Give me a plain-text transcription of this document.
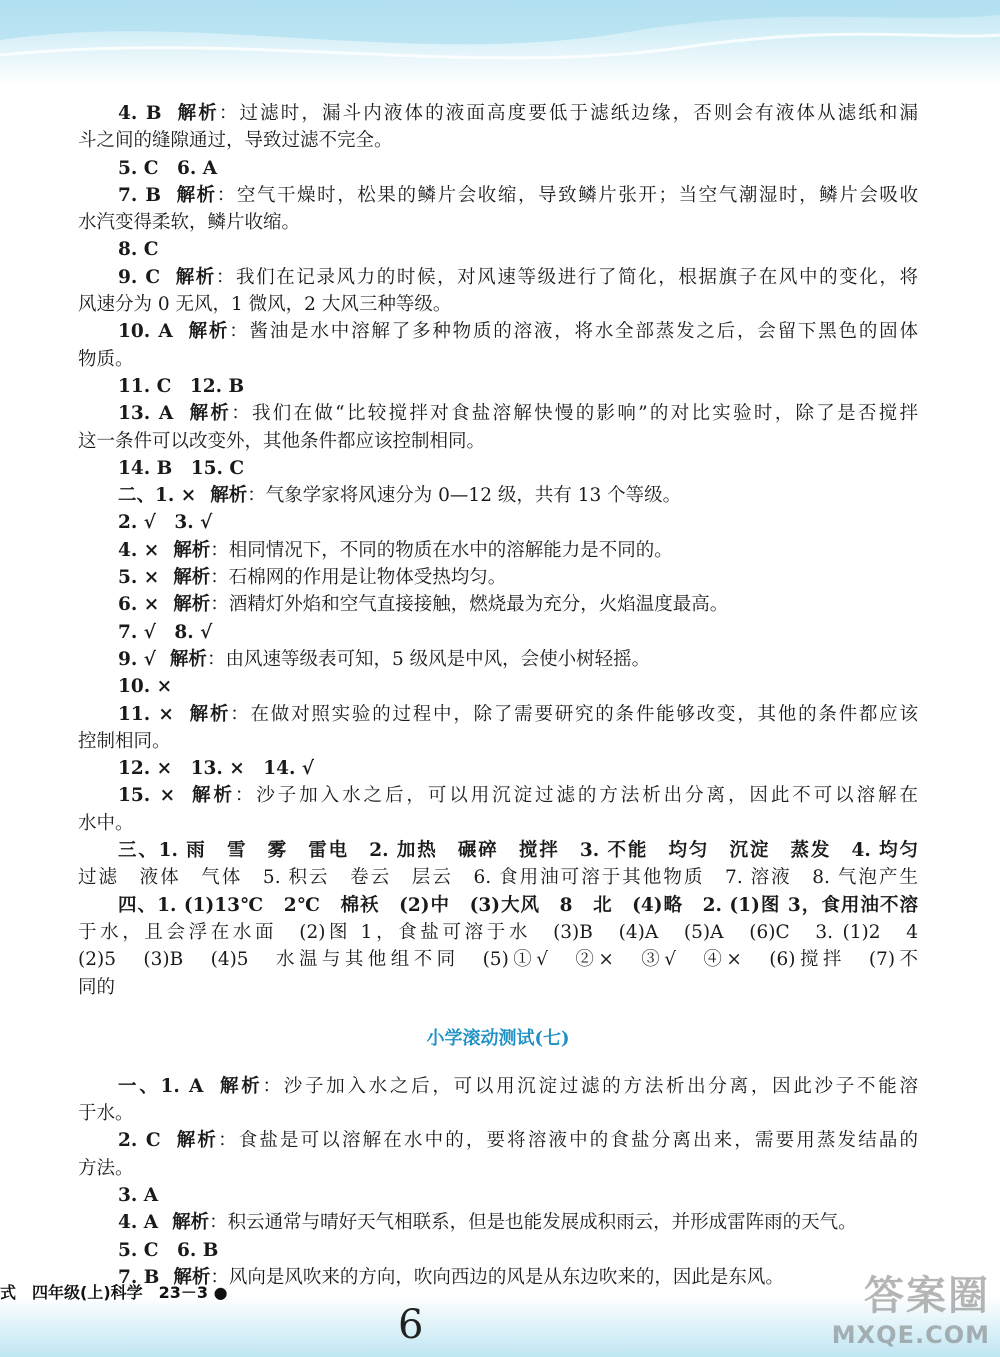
4. B 解析：过滤时，漏斗内液体的液面高度要低于滤纸边缘，否则会有液体从滤纸和漏
斗之间的缝隙通过，导致过滤不完全。
5. C　6. A
7. B 解析：空气干燥时，松果的鳞片会收缩，导致鳞片张开；当空气潮湿时，鳞片会吸收
水汽变得柔软，鳞片收缩。
8. C
9. C 解析：我们在记录风力的时候，对风速等级进行了简化，根据旗子在风中的变化，将
风速分为 0 无风，1 微风，2 大风三种等级。
10. A 解析：酱油是水中溶解了多种物质的溶液，将水全部蒸发之后，会留下黑色的固体
物质。
11. C　12. B
13. A 解析：我们在做“比较搅拌对食盐溶解快慢的影响”的对比实验时，除了是否搅拌
这一条件可以改变外，其他条件都应该控制相同。
14. B　15. C
二、1. × 解析：气象学家将风速分为 0—12 级，共有 13 个等级。
2. √　3. √
4. × 解析：相同情况下，不同的物质在水中的溶解能力是不同的。
5. × 解析：石棉网的作用是让物体受热均匀。
6. × 解析：酒精灯外焰和空气直接接触，燃烧最为充分，火焰温度最高。
7. √　8. √
9. √ 解析：由风速等级表可知，5 级风是中风，会使小树轻摇。
10. ×
11. × 解析：在做对照实验的过程中，除了需要研究的条件能够改变，其他的条件都应该
控制相同。
12. ×　13. ×　14. √
15. × 解析：沙子加入水之后，可以用沉淀过滤的方法析出分离，因此不可以溶解在
水中。
三、1. 雨　雪　雾　雷电　2. 加热　碾碎　搅拌　3. 不能　均匀　沉淀　蒸发　4. 均匀
过滤　液体　气体　5. 积云　卷云　层云　6. 食用油可溶于其他物质　7. 溶液　8. 气泡产生
四、1. (1)13℃　2℃　棉袄　(2)中　(3)大风　8　北　(4)略　2. (1)图 3，食用油不溶
于水，且会浮在水面　(2)图 1，食盐可溶于水　(3)B　(4)A　(5)A　(6)C　3. (1)2　4
(2)5　(3)B　(4)5　水温与其他组不同　(5)①√　②×　③√　④×　(6)搅拌　(7)不
同的
小学滚动测试(七)
一、1. A 解析：沙子加入水之后，可以用沉淀过滤的方法析出分离，因此沙子不能溶
于水。
2. C 解析：食盐是可以溶解在水中的，要将溶液中的食盐分离出来，需要用蒸发结晶的
方法。
3. A
4. A 解析：积云通常与晴好天气相联系，但是也能发展成积雨云，并形成雷阵雨的天气。
5. C　6. B
7. B 解析：风向是风吹来的方向，吹向西边的风是从东边吹来的，因此是东风。
式　四年级(上)科学　23－3 ●
6
答案圈
MXQE.COM
